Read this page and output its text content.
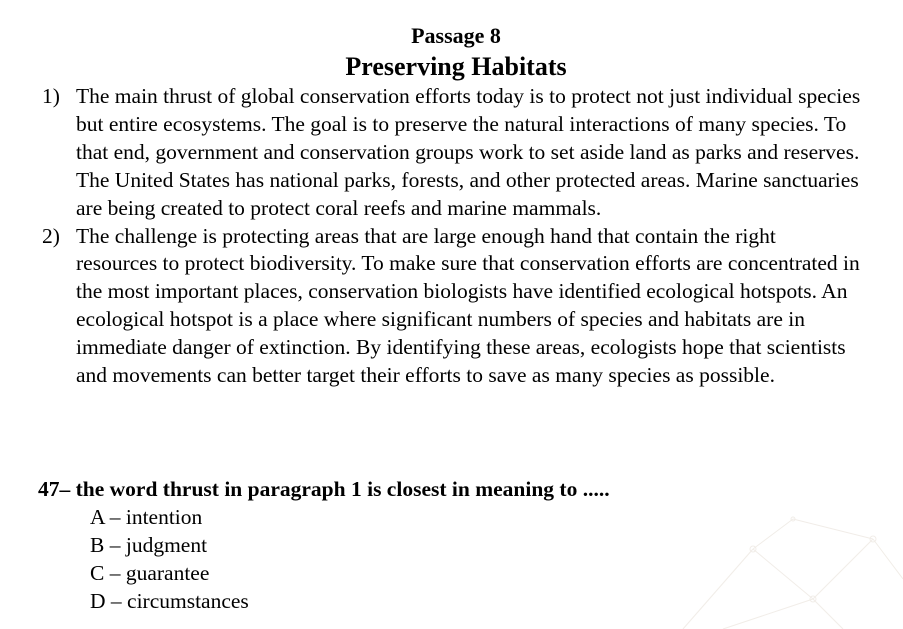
Passage 8
Preserving Habitats
1) The main thrust of global conservation efforts today is to protect not just individual species but entire ecosystems. The goal is to preserve the natural interactions of many species. To that end, government and conservation groups work to set aside land as parks and reserves. The United States has national parks, forests, and other protected areas. Marine sanctuaries are being created to protect coral reefs and marine mammals.
2) The challenge is protecting areas that are large enough hand that contain the right resources to protect biodiversity. To make sure that conservation efforts are concentrated in the most important places, conservation biologists have identified ecological hotspots. An ecological hotspot is a place where significant numbers of species and habitats are in immediate danger of extinction. By identifying these areas, ecologists hope that scientists and movements can better target their efforts to save as many species as possible.

47– the word thrust in paragraph 1 is closest in meaning to .....

A – intention
B – judgment
C – guarantee
D – circumstances
